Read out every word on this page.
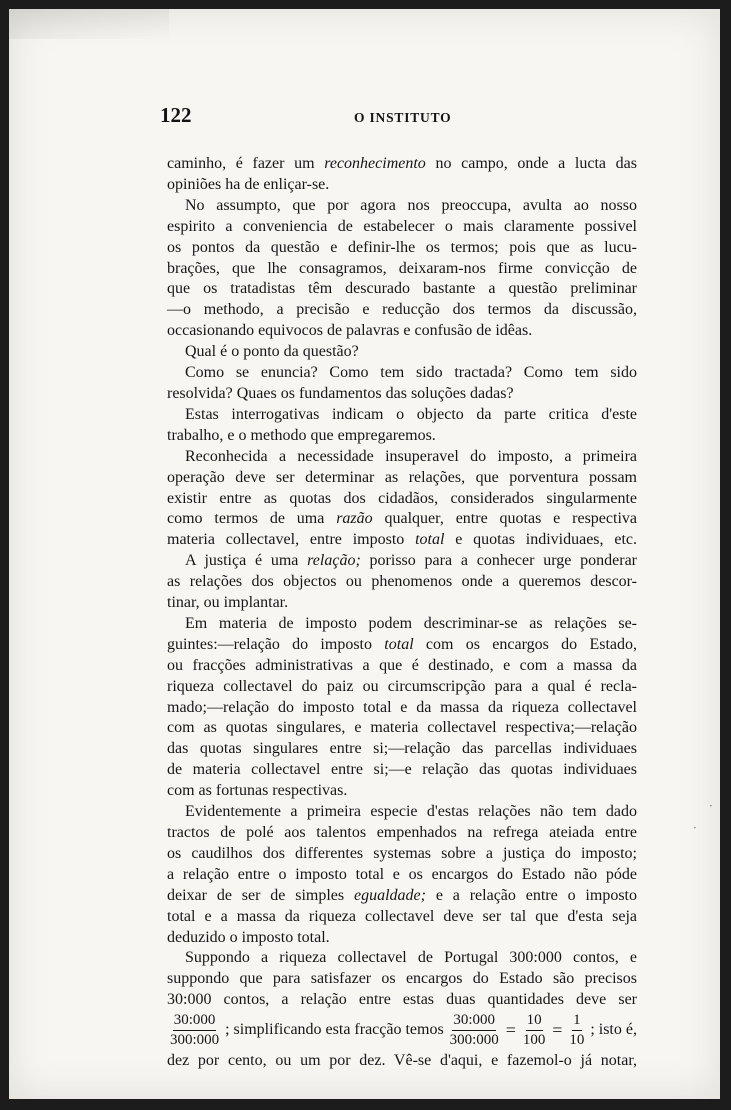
122	O INSTITUTO
caminho, é fazer um reconhecimento no campo, onde a lucta das
opiniões ha de enliçar-se.
No assumpto, que por agora nos preoccupa, avulta ao nosso
espirito a conveniencia de estabelecer o mais claramente possivel
os pontos da questão e definir-lhe os termos; pois que as lucu-
brações, que lhe consagramos, deixaram-nos firme convicção de
que os tratadistas têm descurado bastante a questão preliminar
—o methodo, a precisão e reducção dos termos da discussão,
occasionando equivocos de palavras e confusão de idêas.
Qual é o ponto da questão?
Como se enuncia? Como tem sido tractada? Como tem sido
resolvida? Quaes os fundamentos das soluções dadas?
Estas interrogativas indicam o objecto da parte critica d'este
trabalho, e o methodo que empregaremos.
Reconhecida a necessidade insuperavel do imposto, a primeira
operação deve ser determinar as relações, que porventura possam
existir entre as quotas dos cidadãos, considerados singularmente
como termos de uma razão qualquer, entre quotas e respectiva
materia collectavel, entre imposto total e quotas individuaes, etc.
A justiça é uma relação; porisso para a conhecer urge ponderar
as relações dos objectos ou phenomenos onde a queremos descor-
tinar, ou implantar.
Em materia de imposto podem descriminar-se as relações se-
guintes:—relação do imposto total com os encargos do Estado,
ou fracções administrativas a que é destinado, e com a massa da
riqueza collectavel do paiz ou circumscripção para a qual é recla-
mado;—relação do imposto total e da massa da riqueza collectavel
com as quotas singulares, e materia collectavel respectiva;—relação
das quotas singulares entre si;—relação das parcellas individuaes
de materia collectavel entre si;—e relação das quotas individuaes
com as fortunas respectivas.
Evidentemente a primeira especie d'estas relações não tem dado
tractos de polé aos talentos empenhados na refrega ateiada entre
os caudilhos dos differentes systemas sobre a justiça do imposto;
a relação entre o imposto total e os encargos do Estado não póde
deixar de ser de simples egualdade; e a relação entre o imposto
total e a massa da riqueza collectavel deve ser tal que d'esta seja
deduzido o imposto total.
Suppondo a riqueza collectavel de Portugal 300:000 contos, e
suppondo que para satisfazer os encargos do Estado são precisos
30:000 contos, a relação entre estas duas quantidades deve ser
$\frac{30:000}{300:000}$ ; simplificando esta fracção temos $\frac{30:000}{300:000} = \frac{10}{100} = \frac{1}{10}$ ; isto é,
dez por cento, ou um por dez. Vê-se d'aqui, e fazemol-o já notar,
·
·
